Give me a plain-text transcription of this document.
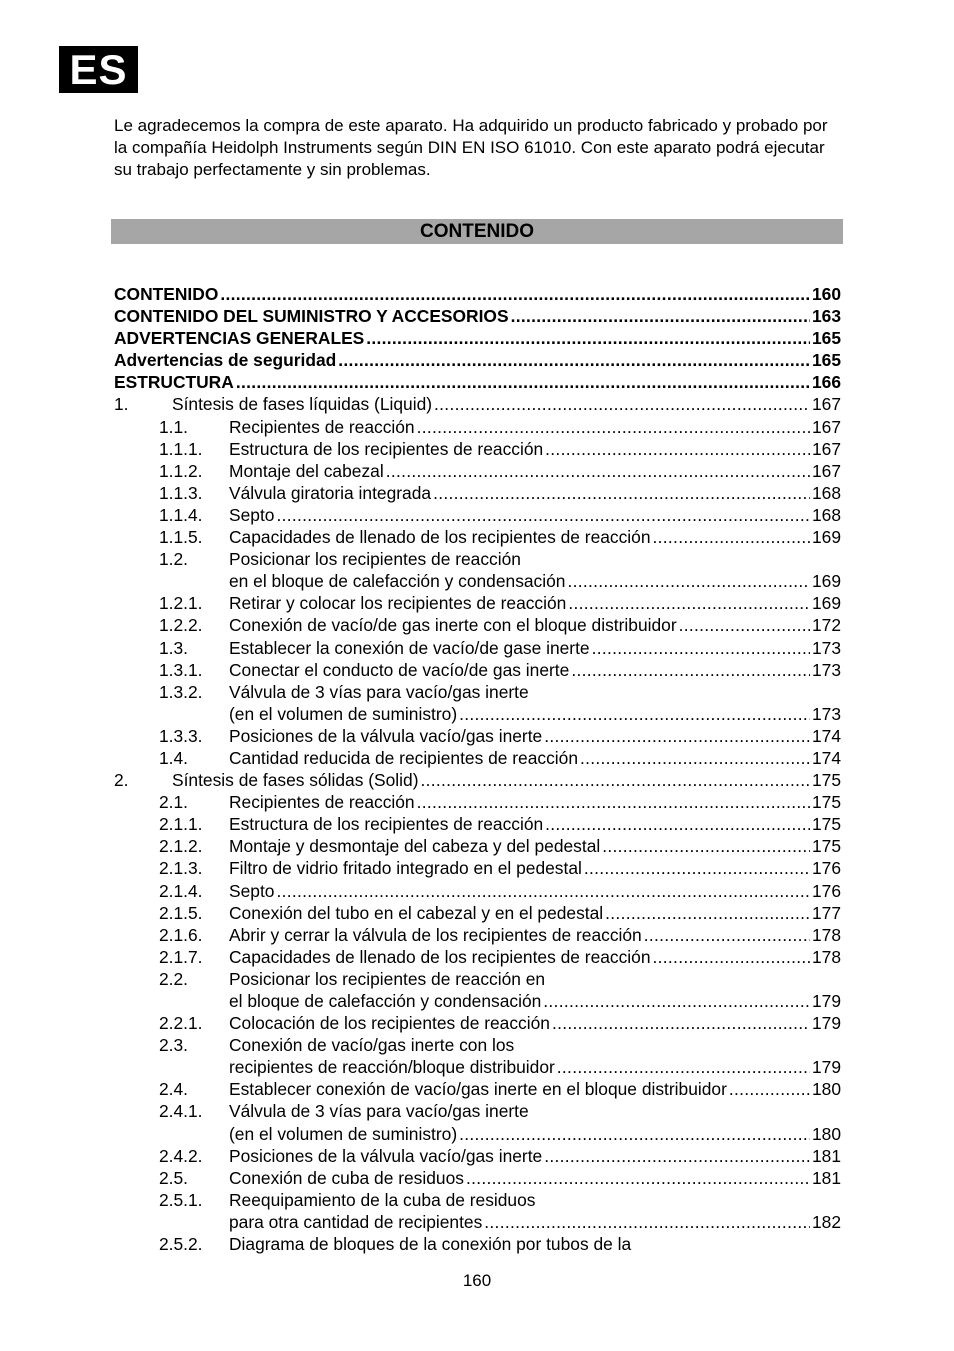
ES

Le agradecemos la compra de este aparato. Ha adquirido un producto fabricado y probado por la compañía Heidolph Instruments según DIN EN ISO 61010. Con este aparato podrá ejecutar su trabajo perfectamente y sin problemas.

CONTENIDO
CONTENIDO .....	160
CONTENIDO DEL SUMINISTRO Y ACCESORIOS .....	163
ADVERTENCIAS GENERALES .....	165
Advertencias de seguridad .....	165
ESTRUCTURA .....	166
1.	Síntesis de fases líquidas (Liquid) .....	167
1.1.	Recipientes de reacción .....	167
1.1.1.	Estructura de los recipientes de reacción .....	167
1.1.2.	Montaje del cabezal .....	167
1.1.3.	Válvula giratoria integrada .....	168
1.1.4.	Septo .....	168
1.1.5.	Capacidades de llenado de los recipientes de reacción .....	169
1.2.	Posicionar los recipientes de reacción
en el bloque de calefacción y condensación .....	169
1.2.1.	Retirar y colocar los recipientes de reacción .....	169
1.2.2.	Conexión de vacío/de gas inerte con el bloque distribuidor .....	172
1.3.	Establecer la conexión de vacío/de gase inerte .....	173
1.3.1.	Conectar el conducto de vacío/de gas inerte .....	173
1.3.2.	Válvula de 3 vías para vacío/gas inerte
(en el volumen de suministro) .....	173
1.3.3.	Posiciones de la válvula vacío/gas inerte .....	174
1.4.	Cantidad reducida de recipientes de reacción .....	174
2.	Síntesis de fases sólidas (Solid) .....	175
2.1.	Recipientes de reacción .....	175
2.1.1.	Estructura de los recipientes de reacción .....	175
2.1.2.	Montaje y desmontaje del cabeza y del pedestal .....	175
2.1.3.	Filtro de vidrio fritado integrado en el pedestal .....	176
2.1.4.	Septo .....	176
2.1.5.	Conexión del tubo en el cabezal y en el pedestal .....	177
2.1.6.	Abrir y cerrar la válvula de los recipientes de reacción .....	178
2.1.7.	Capacidades de llenado de los recipientes de reacción .....	178
2.2.	Posicionar los recipientes de reacción en
el bloque de calefacción y condensación .....	179
2.2.1.	Colocación de los recipientes de reacción .....	179
2.3.	Conexión de vacío/gas inerte con los
recipientes de reacción/bloque distribuidor .....	179
2.4.	Establecer conexión de vacío/gas inerte en el bloque distribuidor .....	180
2.4.1.	Válvula de 3 vías para vacío/gas inerte
(en el volumen de suministro) .....	180
2.4.2.	Posiciones de la válvula vacío/gas inerte .....	181
2.5.	Conexión de cuba de residuos .....	181
2.5.1.	Reequipamiento de la cuba de residuos
para otra cantidad de recipientes .....	182
2.5.2.	Diagrama de bloques de la conexión por tubos de la
160
